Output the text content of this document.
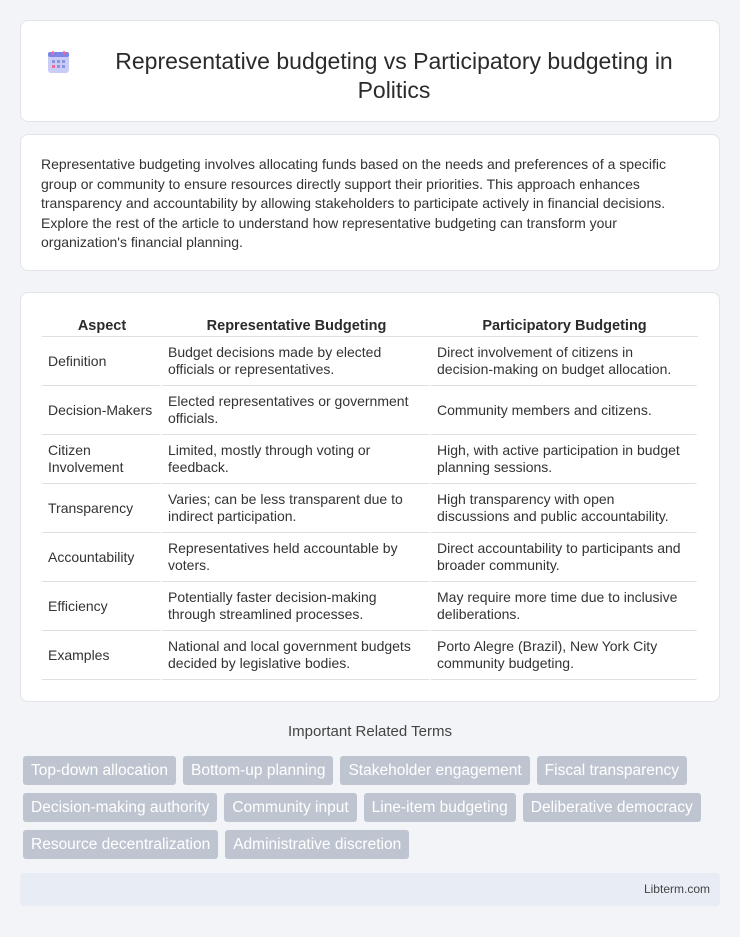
Representative budgeting vs Participatory budgeting in Politics

Representative budgeting involves allocating funds based on the needs and preferences of a specific group or community to ensure resources directly support their priorities. This approach enhances transparency and accountability by allowing stakeholders to participate actively in financial decisions. Explore the rest of the article to understand how representative budgeting can transform your organization's financial planning.

Aspect	Representative Budgeting	Participatory Budgeting
Definition	Budget decisions made by elected officials or representatives.	Direct involvement of citizens in decision-making on budget allocation.
Decision-Makers	Elected representatives or government officials.	Community members and citizens.
Citizen Involvement	Limited, mostly through voting or feedback.	High, with active participation in budget planning sessions.
Transparency	Varies; can be less transparent due to indirect participation.	High transparency with open discussions and public accountability.
Accountability	Representatives held accountable by voters.	Direct accountability to participants and broader community.
Efficiency	Potentially faster decision-making through streamlined processes.	May require more time due to inclusive deliberations.
Examples	National and local government budgets decided by legislative bodies.	Porto Alegre (Brazil), New York City community budgeting.
Important Related Terms
Top-down allocation	Bottom-up planning	Stakeholder engagement	Fiscal transparency
Decision-making authority	Community input	Line-item budgeting	Deliberative democracy
Resource decentralization	Administrative discretion
Libterm.com
